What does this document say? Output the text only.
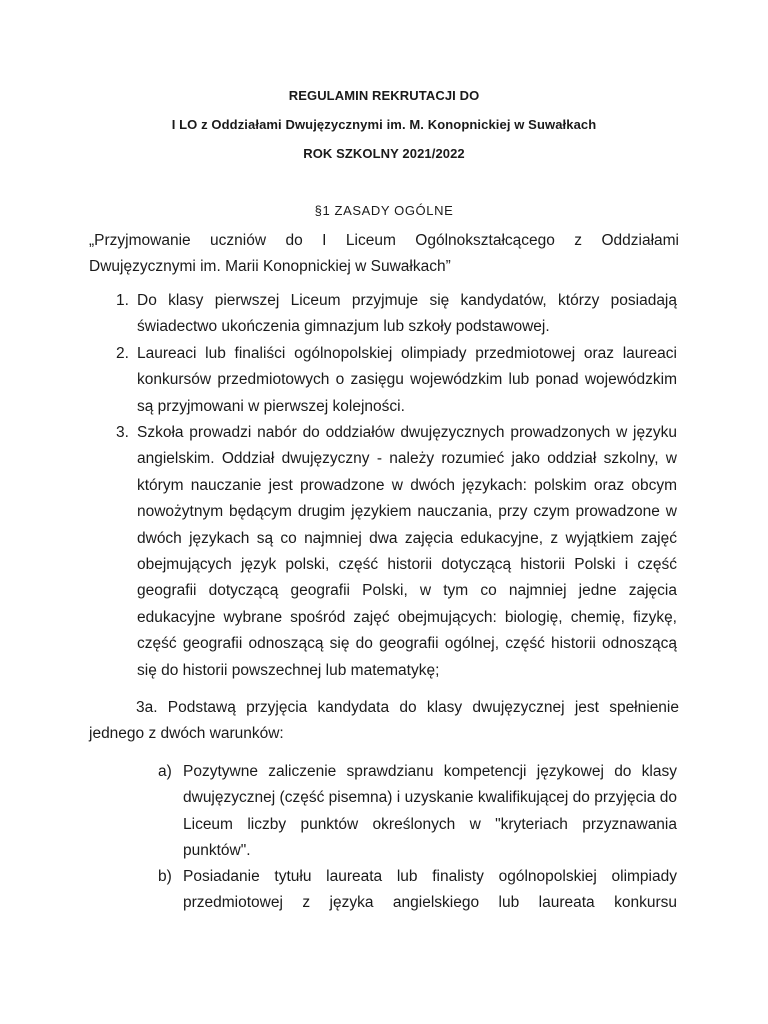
REGULAMIN REKRUTACJI DO
I LO z Oddziałami Dwujęzycznymi im. M. Konopnickiej w Suwałkach
ROK SZKOLNY 2021/2022
§1 ZASADY OGÓLNE
„Przyjmowanie uczniów do I Liceum Ogólnokształcącego z Oddziałami Dwujęzycznymi im. Marii Konopnickiej w Suwałkach”
1. Do klasy pierwszej Liceum przyjmuje się kandydatów, którzy posiadają świadectwo ukończenia gimnazjum lub szkoły podstawowej.
2. Laureaci lub finaliści ogólnopolskiej olimpiady przedmiotowej oraz laureaci konkursów przedmiotowych o zasięgu wojewódzkim lub ponad wojewódzkim są przyjmowani w pierwszej kolejności.
3. Szkoła prowadzi nabór do oddziałów dwujęzycznych prowadzonych w języku angielskim. Oddział dwujęzyczny - należy rozumieć jako oddział szkolny, w którym nauczanie jest prowadzone w dwóch językach: polskim oraz obcym nowożytnym będącym drugim językiem nauczania, przy czym prowadzone w dwóch językach są co najmniej dwa zajęcia edukacyjne, z wyjątkiem zajęć obejmujących język polski, część historii dotyczącą historii Polski i część geografii dotyczącą geografii Polski, w tym co najmniej jedne zajęcia edukacyjne wybrane spośród zajęć obejmujących: biologię, chemię, fizykę, część geografii odnoszącą się do geografii ogólnej, część historii odnoszącą się do historii powszechnej lub matematykę;
3a. Podstawą przyjęcia kandydata do klasy dwujęzycznej jest spełnienie jednego z dwóch warunków:
a) Pozytywne zaliczenie sprawdzianu kompetencji językowej do klasy dwujęzycznej (część pisemna) i uzyskanie kwalifikującej do przyjęcia do Liceum liczby punktów określonych w "kryteriach przyznawania punktów".
b) Posiadanie tytułu laureata lub finalisty ogólnopolskiej olimpiady przedmiotowej z języka angielskiego lub laureata konkursu
